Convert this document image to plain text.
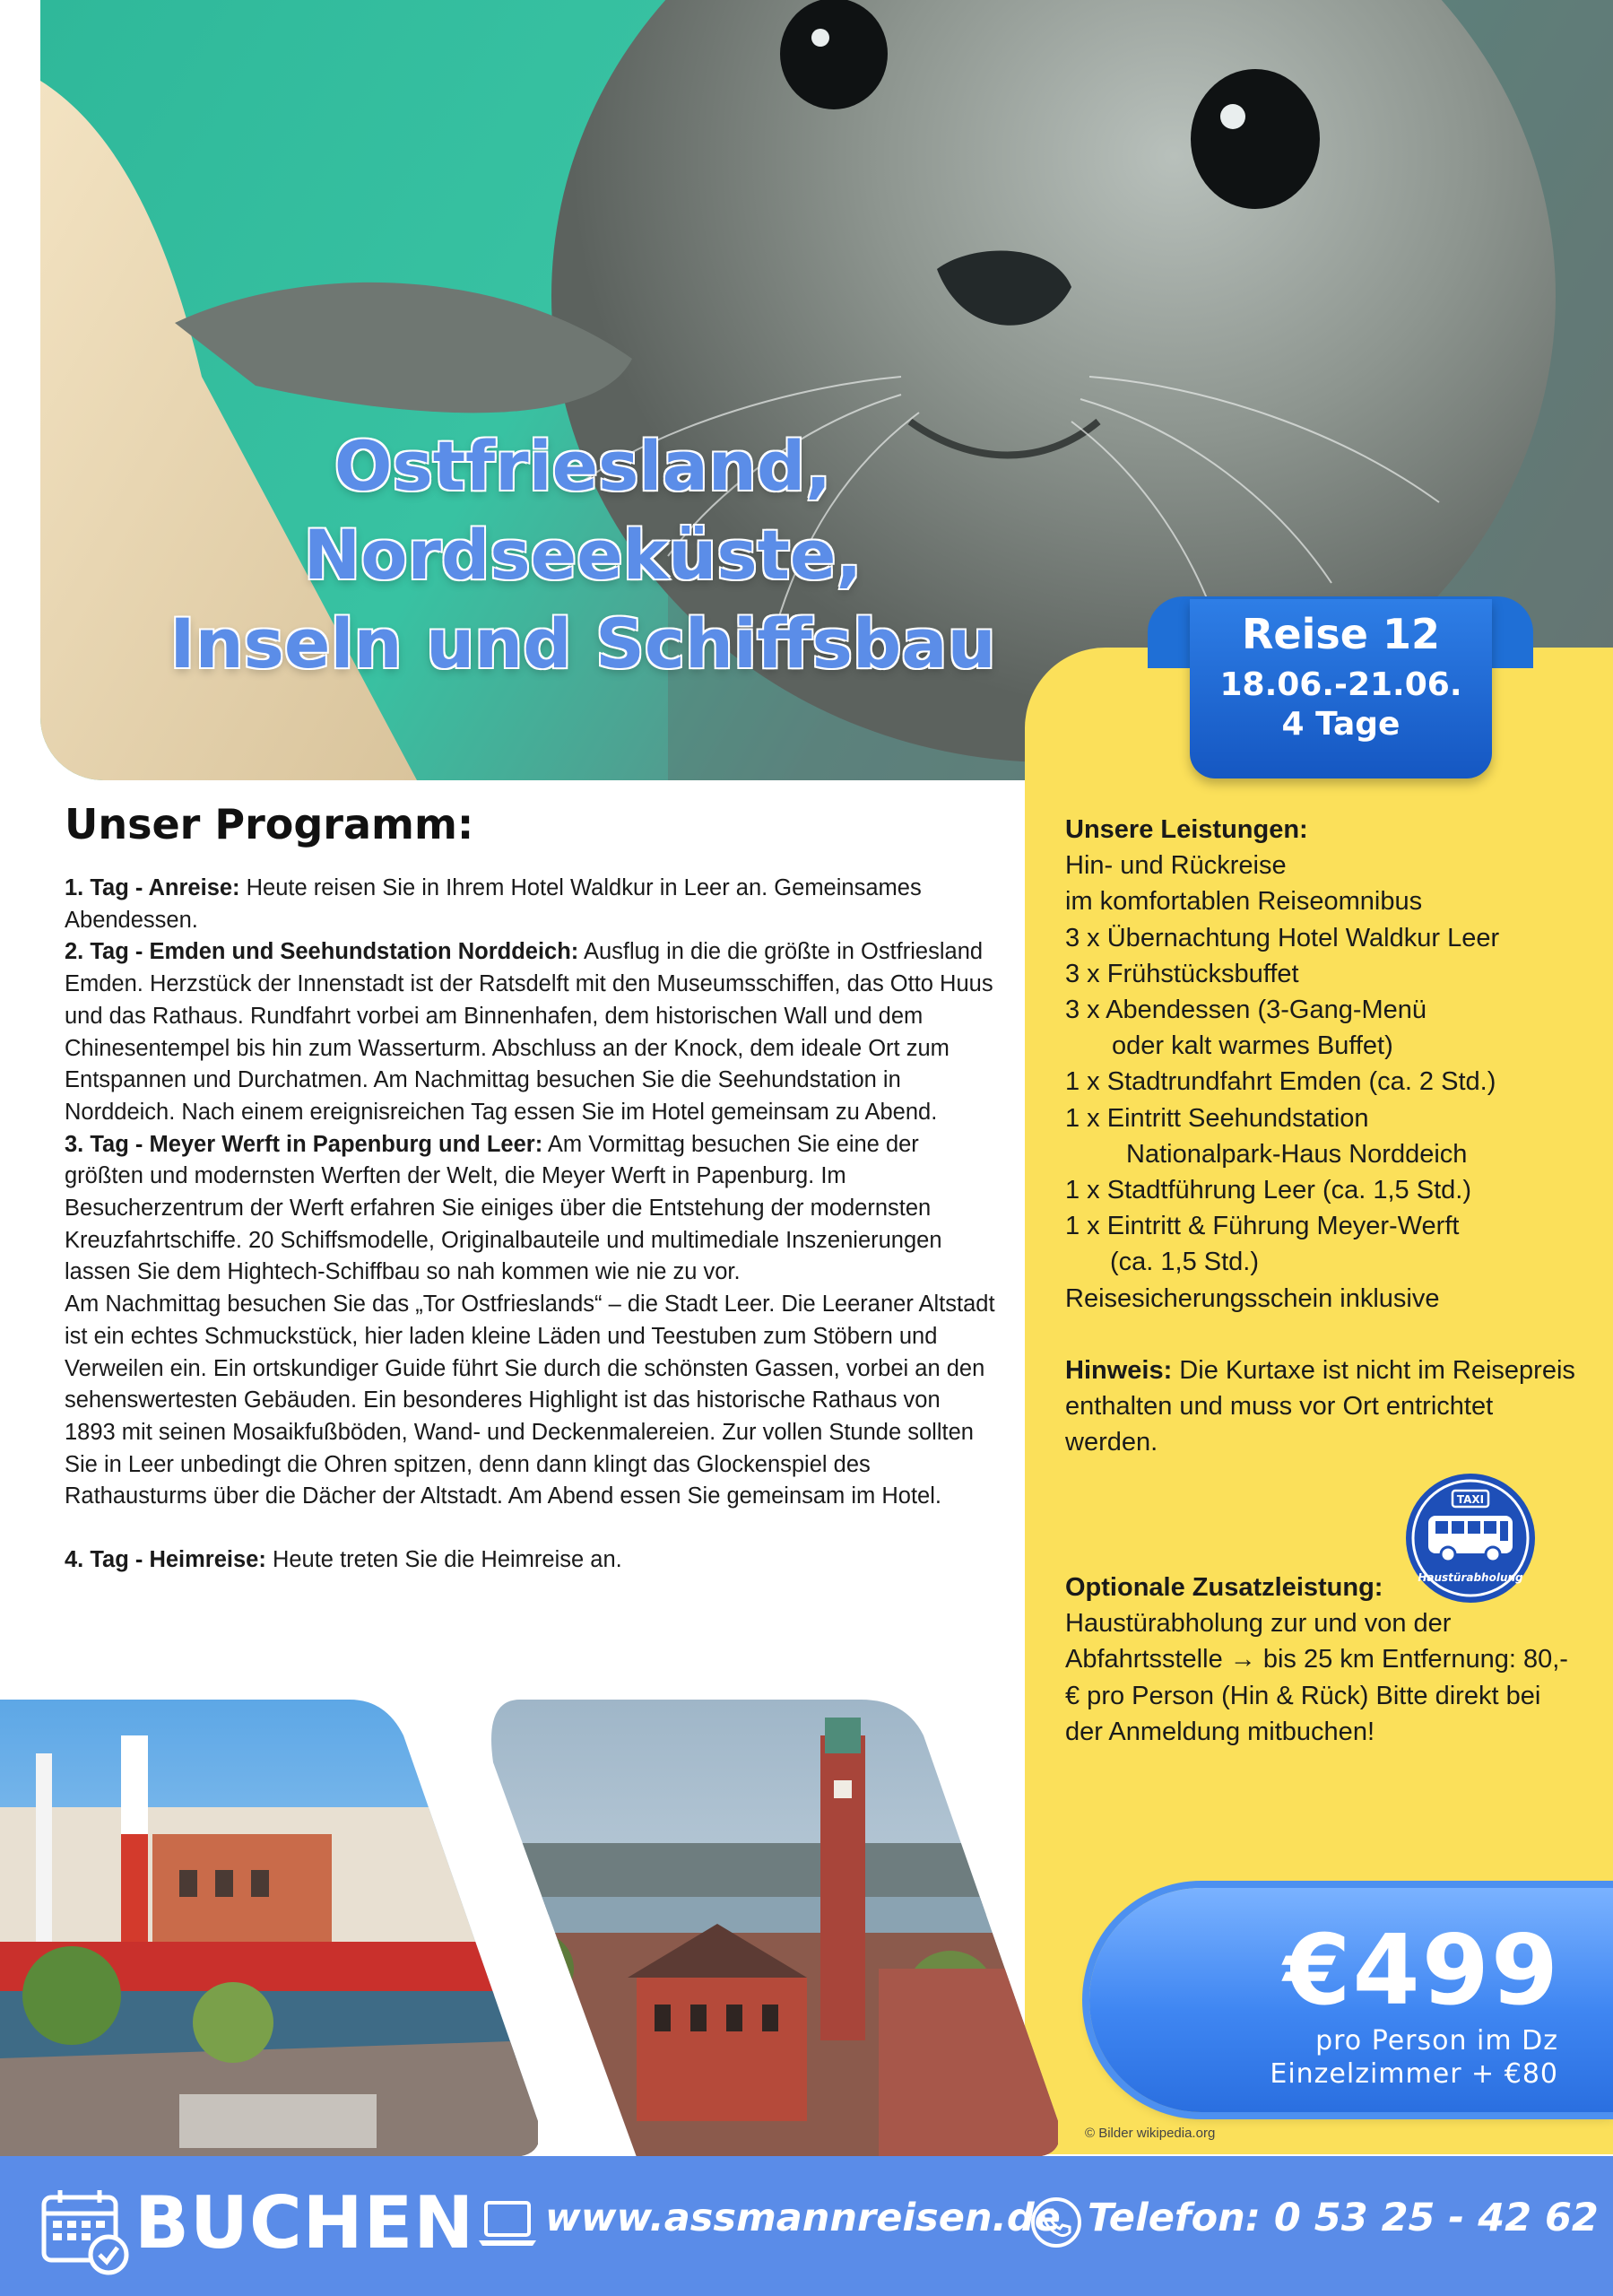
Ostfriesland,
Nordseeküste,
Inseln und Schiffsbau	Reise 12
18.06.-21.06.
4 Tage
Unser Programm:

1. Tag - Anreise: Heute reisen Sie in Ihrem Hotel Waldkur in Leer an. Gemeinsames Abendessen.

2. Tag - Emden und Seehundstation Norddeich: Ausflug in die die größte in Ostfriesland Emden. Herzstück der Innenstadt ist der Ratsdelft mit den Museumsschiffen, das Otto Huus und das Rathaus. Rundfahrt vorbei am Binnenhafen, dem historischen Wall und dem Chinesentempel bis hin zum Wasserturm. Abschluss an der Knock, dem ideale Ort zum Entspannen und Durchatmen. Am Nachmittag besuchen Sie die Seehundstation in Norddeich. Nach einem ereignisreichen Tag essen Sie im Hotel gemeinsam zu Abend.

3. Tag - Meyer Werft in Papenburg und Leer: Am Vormittag besuchen Sie eine der größten und modernsten Werften der Welt, die Meyer Werft in Papenburg. Im Besucherzentrum der Werft erfahren Sie einiges über die Entstehung der modernsten Kreuzfahrtschiffe. 20 Schiffsmodelle, Originalbauteile und multimediale Inszenierungen lassen Sie dem Hightech-Schiffbau so nah kommen wie nie zu vor.

Am Nachmittag besuchen Sie das „Tor Ostfrieslands“ – die Stadt Leer. Die Leeraner Altstadt ist ein echtes Schmuckstück, hier laden kleine Läden und Teestuben zum Stöbern und Verweilen ein. Ein ortskundiger Guide führt Sie durch die schönsten Gassen, vorbei an den sehenswertesten Gebäuden. Ein besonderes Highlight ist das historische Rathaus von 1893 mit seinen Mosaikfußböden, Wand- und Deckenmalereien. Zur vollen Stunde sollten Sie in Leer unbedingt die Ohren spitzen, denn dann klingt das Glockenspiel des Rathausturms über die Dächer der Altstadt. Am Abend essen Sie gemeinsam im Hotel.

4. Tag - Heimreise: Heute treten Sie die Heimreise an.

Unsere Leistungen:

Hin- und Rückreise

im komfortablen Reiseomnibus

3 x Übernachtung Hotel Waldkur Leer

3 x Frühstücksbuffet

3 x Abendessen (3-Gang-Menü

oder kalt warmes Buffet)

1 x Stadtrundfahrt Emden (ca. 2 Std.)

1 x Eintritt Seehundstation

Nationalpark-Haus Norddeich

1 x Stadtführung Leer (ca. 1,5 Std.)

1 x Eintritt & Führung Meyer-Werft

(ca. 1,5 Std.)

Reisesicherungsschein inklusive

Hinweis: Die Kurtaxe ist nicht im Reisepreis enthalten und muss vor Ort entrichtet werden.

TAXI
Haustürabholung

Optionale Zusatzleistung:

Haustürabholung zur und von der Abfahrtsstelle → bis 25 km Entfernung: 80,- € pro Person (Hin & Rück) Bitte direkt bei der Anmeldung mitbuchen!

€499
pro Person im Dz
Einzelzimmer + €80
© Bilder wikipedia.org
BUCHEN www.assmannreisen.de Telefon: 0 53 25 - 42 62
